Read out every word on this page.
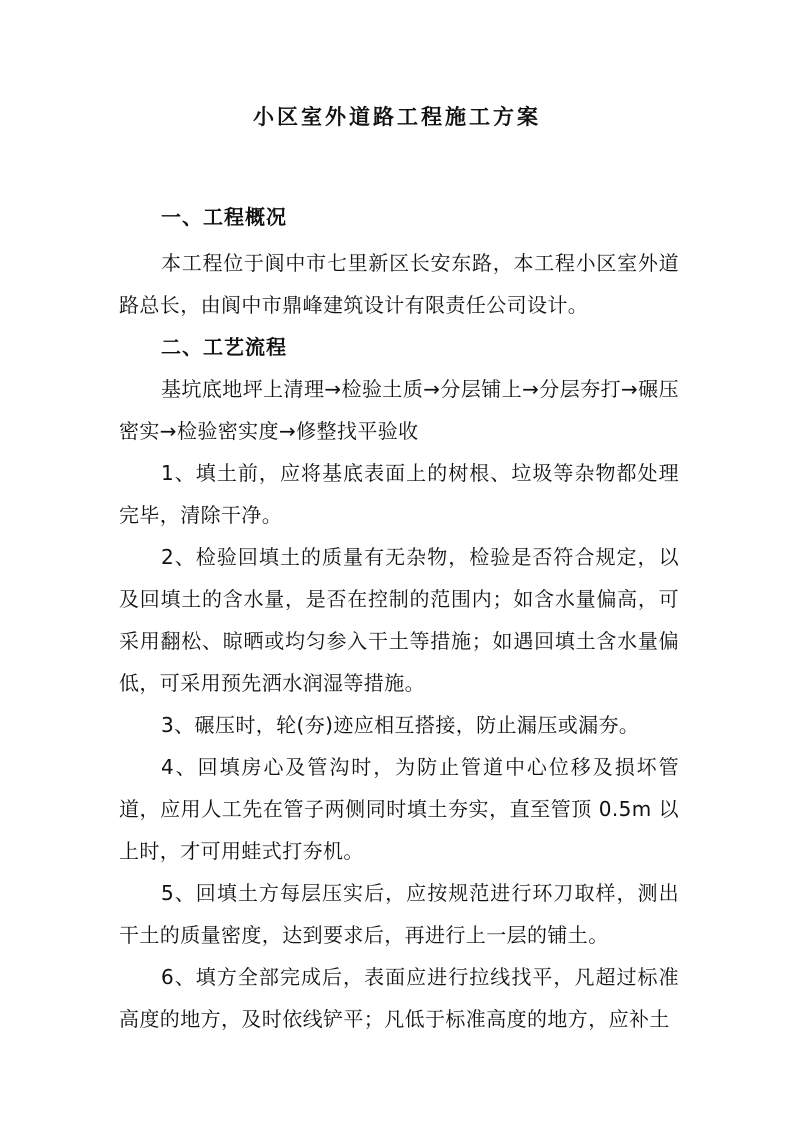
小区室外道路工程施工方案

一、工程概况

本工程位于阆中市七里新区长安东路，本工程小区室外道路总长，由阆中市鼎峰建筑设计有限责任公司设计。

二、工艺流程

基坑底地坪上清理→检验土质→分层铺上→分层夯打→碾压密实→检验密实度→修整找平验收

1、填土前，应将基底表面上的树根、垃圾等杂物都处理完毕，清除干净。

2、检验回填土的质量有无杂物，检验是否符合规定，以及回填土的含水量，是否在控制的范围内；如含水量偏高，可采用翻松、晾晒或均匀参入干土等措施；如遇回填土含水量偏低，可采用预先洒水润湿等措施。

3、碾压时，轮(夯)迹应相互搭接，防止漏压或漏夯。

4、回填房心及管沟时，为防止管道中心位移及损坏管道，应用人工先在管子两侧同时填土夯实，直至管顶 0.5m 以上时，才可用蛙式打夯机。

5、回填土方每层压实后，应按规范进行环刀取样，测出干土的质量密度，达到要求后，再进行上一层的铺土。

6、填方全部完成后，表面应进行拉线找平，凡超过标准高度的地方，及时依线铲平；凡低于标准高度的地方，应补土
